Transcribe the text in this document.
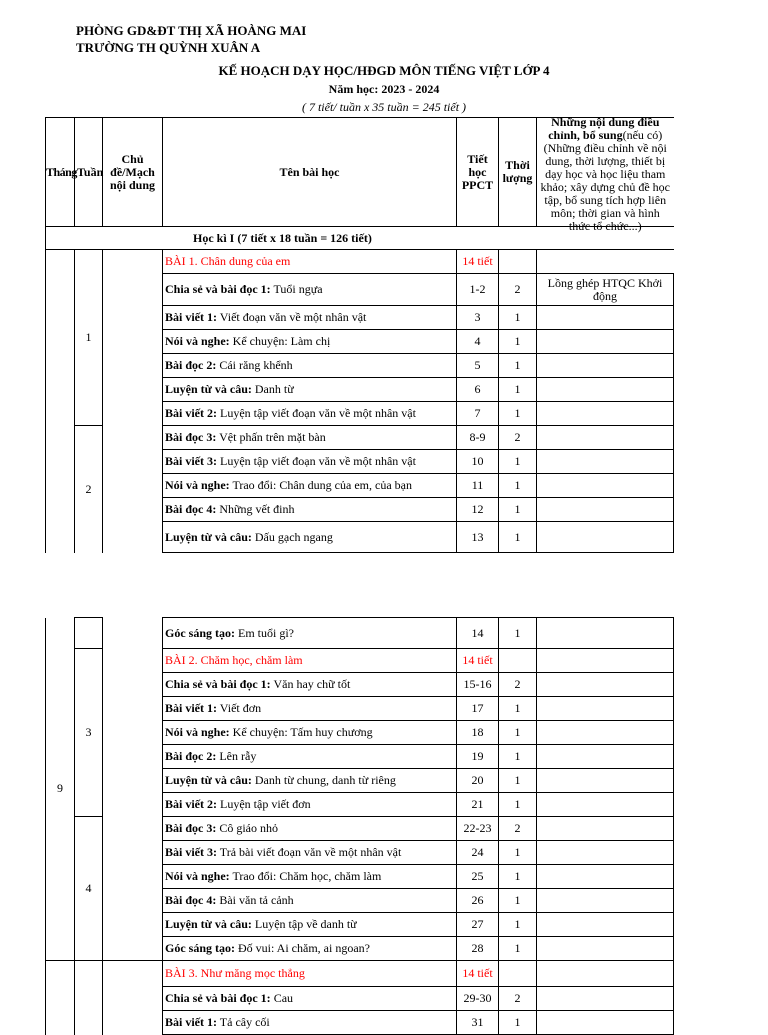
PHÒNG GD&ĐT THỊ XÃ HOÀNG MAI
TRƯỜNG TH QUỲNH XUÂN A
KẾ HOẠCH DẠY HỌC/HĐGD MÔN TIẾNG VIỆT LỚP 4
Năm học: 2023 - 2024
( 7 tiết/ tuần x 35 tuần = 245 tiết )
Tháng	Tuần	Chủ đề/Mạch nội dung	Tên bài học	Tiết học PPCT	Thời lượng	Những nội dung điều
chỉnh, bổ sung(nếu có)
(Những điều chỉnh về nội dung, thời lượng, thiết bị dạy học và học liệu tham khảo; xây dựng chủ đề học tập, bổ sung tích hợp liên môn; thời gian và hình thức tổ chức...)

Học kì I (7 tiết x 18 tuần = 126 tiết)						
	1		BÀI 1. Chân dung của em	14 tiết		
			Chia sẻ và bài đọc 1: Tuổi ngựa	1-2	2	Lồng ghép HTQC Khởi động
			Bài viết 1: Viết đoạn văn về một nhân vật	3	1	
			Nói và nghe: Kể chuyện: Làm chị	4	1	
			Bài đọc 2: Cái răng khểnh	5	1	
			Luyện từ và câu: Danh từ	6	1	
			Bài viết 2: Luyện tập viết đoạn văn về một nhân vật	7	1	
	2		Bài đọc 3: Vệt phấn trên mặt bàn	8-9	2	
			Bài viết 3: Luyện tập viết đoạn văn về một nhân vật	10	1	
			Nói và nghe: Trao đổi: Chân dung của em, của bạn	11	1	
			Bài đọc 4: Những vết đinh	12	1	
			Luyện từ và câu: Dấu gạch ngang	13	1	
9			Góc sáng tạo: Em tuổi gì?	14	1	
	3		BÀI 2. Chăm học, chăm làm	14 tiết		
			Chia sẻ và bài đọc 1: Văn hay chữ tốt	15-16	2	
			Bài viết 1: Viết đơn	17	1	
			Nói và nghe: Kể chuyện: Tấm huy chương	18	1	
			Bài đọc 2: Lên rẫy	19	1	
			Luyện từ và câu: Danh từ chung, danh từ riêng	20	1	
			Bài viết 2: Luyện tập viết đơn	21	1	
	4		Bài đọc 3: Cô giáo nhỏ	22-23	2	
			Bài viết 3: Trả bài viết đoạn văn về một nhân vật	24	1	
			Nói và nghe: Trao đổi: Chăm học, chăm làm	25	1	
			Bài đọc 4: Bài văn tả cảnh	26	1	
			Luyện từ và câu: Luyện tập về danh từ	27	1	
			Góc sáng tạo: Đố vui: Ai chăm, ai ngoan?	28	1	
			BÀI 3. Như măng mọc thẳng	14 tiết		
			Chia sẻ và bài đọc 1: Cau	29-30	2	
			Bài viết 1: Tả cây cối	31	1	
